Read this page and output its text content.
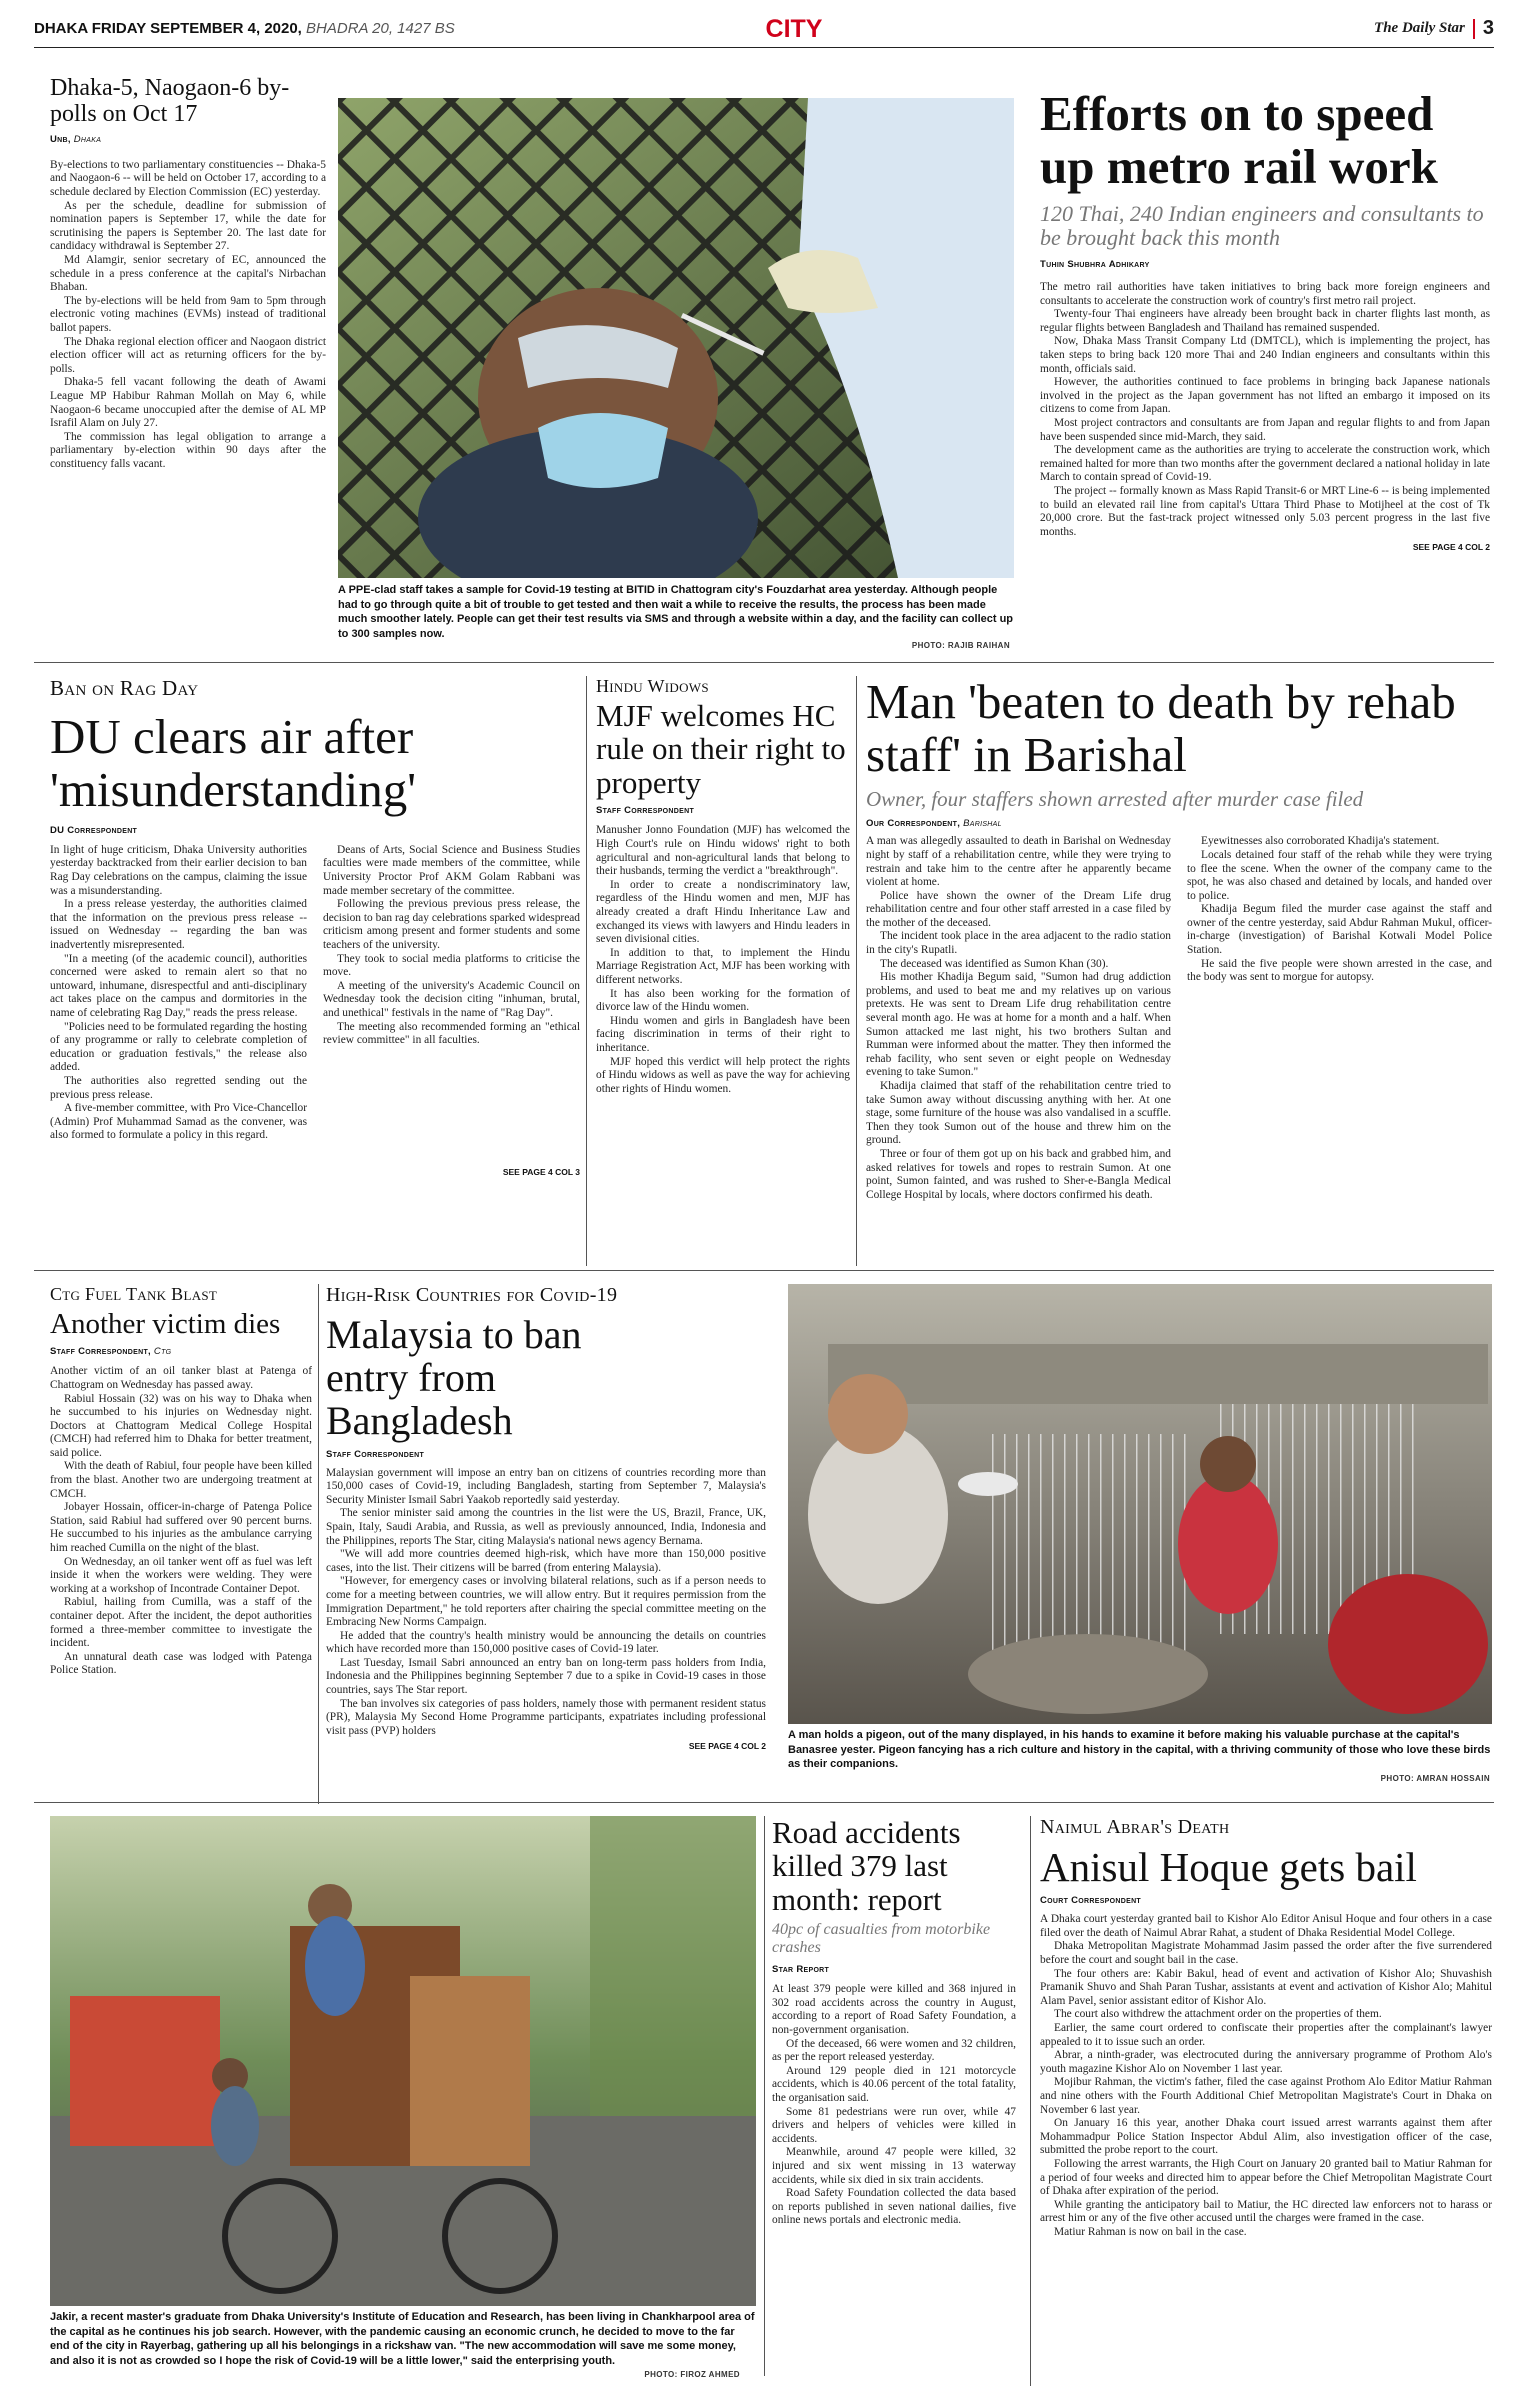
DHAKA FRIDAY SEPTEMBER 4, 2020, BHADRA 20, 1427 BS	CITY	The Daily Star 3
Dhaka-5, Naogaon-6 by-polls on Oct 17
Unb, Dhaka

By-elections to two parliamentary constituencies -- Dhaka-5 and Naogaon-6 -- will be held on October 17, according to a schedule declared by Election Commission (EC) yesterday.

As per the schedule, deadline for submission of nomination papers is September 17, while the date for scrutinising the papers is September 20. The last date for candidacy withdrawal is September 27.

Md Alamgir, senior secretary of EC, announced the schedule in a press conference at the capital's Nirbachan Bhaban.

The by-elections will be held from 9am to 5pm through electronic voting machines (EVMs) instead of traditional ballot papers.

The Dhaka regional election officer and Naogaon district election officer will act as returning officers for the by-polls.

Dhaka-5 fell vacant following the death of Awami League MP Habibur Rahman Mollah on May 6, while Naogaon-6 became unoccupied after the demise of AL MP Israfil Alam on July 27.

The commission has legal obligation to arrange a parliamentary by-election within 90 days after the constituency falls vacant.

A PPE-clad staff takes a sample for Covid-19 testing at BITID in Chattogram city's Fouzdarhat area yesterday. Although people had to go through quite a bit of trouble to get tested and then wait a while to receive the results, the process has been made much smoother lately. People can get their test results via SMS and through a website within a day, and the facility can collect up to 300 samples now.
PHOTO: RAJIB RAIHAN
Efforts on to speed up metro rail work
120 Thai, 240 Indian engineers and consultants to be brought back this month
Tuhin Shubhra Adhikary

The metro rail authorities have taken initiatives to bring back more foreign engineers and consultants to accelerate the construction work of country's first metro rail project.

Twenty-four Thai engineers have already been brought back in charter flights last month, as regular flights between Bangladesh and Thailand has remained suspended.

Now, Dhaka Mass Transit Company Ltd (DMTCL), which is implementing the project, has taken steps to bring back 120 more Thai and 240 Indian engineers and consultants within this month, officials said.

However, the authorities continued to face problems in bringing back Japanese nationals involved in the project as the Japan government has not lifted an embargo it imposed on its citizens to come from Japan.

Most project contractors and consultants are from Japan and regular flights to and from Japan have been suspended since mid-March, they said.

The development came as the authorities are trying to accelerate the construction work, which remained halted for more than two months after the government declared a national holiday in late March to contain spread of Covid-19.

The project -- formally known as Mass Rapid Transit-6 or MRT Line-6 -- is being implemented to build an elevated rail line from capital's Uttara Third Phase to Motijheel at the cost of Tk 20,000 crore. But the fast-track project witnessed only 5.03 percent progress in the last five months.

SEE PAGE 4 COL 2
Ban on Rag Day
DU clears air after 'misunderstanding'
DU Correspondent

In light of huge criticism, Dhaka University authorities yesterday backtracked from their earlier decision to ban Rag Day celebrations on the campus, claiming the issue was a misunderstanding.

In a press release yesterday, the authorities claimed that the information on the previous press release -- issued on Wednesday -- regarding the ban was inadvertently misrepresented.

"In a meeting (of the academic council), authorities concerned were asked to remain alert so that no untoward, inhumane, disrespectful and anti-disciplinary act takes place on the campus and dormitories in the name of celebrating Rag Day," reads the press release.

"Policies need to be formulated regarding the hosting of any programme or rally to celebrate completion of education or graduation festivals," the release also added.

The authorities also regretted sending out the previous press release.

A five-member committee, with Pro Vice-Chancellor (Admin) Prof Muhammad Samad as the convener, was also formed to formulate a policy in this regard.

Deans of Arts, Social Science and Business Studies faculties were made members of the committee, while University Proctor Prof AKM Golam Rabbani was made member secretary of the committee.

Following the previous previous press release, the decision to ban rag day celebrations sparked widespread criticism among present and former students and some teachers of the university.

They took to social media platforms to criticise the move.

A meeting of the university's Academic Council on Wednesday took the decision citing "inhuman, brutal, and unethical" festivals in the name of "Rag Day".

The meeting also recommended forming an "ethical review committee" in all faculties.

SEE PAGE 4 COL 3
Hindu Widows
MJF welcomes HC rule on their right to property
Staff Correspondent

Manusher Jonno Foundation (MJF) has welcomed the High Court's rule on Hindu widows' right to both agricultural and non-agricultural lands that belong to their husbands, terming the verdict a "breakthrough".

In order to create a nondiscriminatory law, regardless of the Hindu women and men, MJF has already created a draft Hindu Inheritance Law and exchanged its views with lawyers and Hindu leaders in seven divisional cities.

In addition to that, to implement the Hindu Marriage Registration Act, MJF has been working with different networks.

It has also been working for the formation of divorce law of the Hindu women.

Hindu women and girls in Bangladesh have been facing discrimination in terms of their right to inheritance.

MJF hoped this verdict will help protect the rights of Hindu widows as well as pave the way for achieving other rights of Hindu women.

Man 'beaten to death by rehab staff' in Barishal
Owner, four staffers shown arrested after murder case filed
Our Correspondent, Barishal

A man was allegedly assaulted to death in Barishal on Wednesday night by staff of a rehabilitation centre, while they were trying to restrain and take him to the centre after he apparently became violent at home.

Police have shown the owner of the Dream Life drug rehabilitation centre and four other staff arrested in a case filed by the mother of the deceased.

The incident took place in the area adjacent to the radio station in the city's Rupatli.

The deceased was identified as Sumon Khan (30).

His mother Khadija Begum said, "Sumon had drug addiction problems, and used to beat me and my relatives up on various pretexts. He was sent to Dream Life drug rehabilitation centre several month ago. He was at home for a month and a half. When Sumon attacked me last night, his two brothers Sultan and Rumman were informed about the matter. They then informed the rehab facility, who sent seven or eight people on Wednesday evening to take Sumon."

Khadija claimed that staff of the rehabilitation centre tried to take Sumon away without discussing anything with her. At one stage, some furniture of the house was also vandalised in a scuffle. Then they took Sumon out of the house and threw him on the ground.

Three or four of them got up on his back and grabbed him, and asked relatives for towels and ropes to restrain Sumon. At one point, Sumon fainted, and was rushed to Sher-e-Bangla Medical College Hospital by locals, where doctors confirmed his death.

Eyewitnesses also corroborated Khadija's statement.

Locals detained four staff of the rehab while they were trying to flee the scene. When the owner of the company came to the spot, he was also chased and detained by locals, and handed over to police.

Khadija Begum filed the murder case against the staff and owner of the centre yesterday, said Abdur Rahman Mukul, officer-in-charge (investigation) of Barishal Kotwali Model Police Station.

He said the five people were shown arrested in the case, and the body was sent to morgue for autopsy.

Ctg Fuel Tank Blast
Another victim dies
Staff Correspondent, Ctg

Another victim of an oil tanker blast at Patenga of Chattogram on Wednesday has passed away.

Rabiul Hossain (32) was on his way to Dhaka when he succumbed to his injuries on Wednesday night. Doctors at Chattogram Medical College Hospital (CMCH) had referred him to Dhaka for better treatment, said police.

With the death of Rabiul, four people have been killed from the blast. Another two are undergoing treatment at CMCH.

Jobayer Hossain, officer-in-charge of Patenga Police Station, said Rabiul had suffered over 90 percent burns. He succumbed to his injuries as the ambulance carrying him reached Cumilla on the night of the blast.

On Wednesday, an oil tanker went off as fuel was left inside it when the workers were welding. They were working at a workshop of Incontrade Container Depot.

Rabiul, hailing from Cumilla, was a staff of the container depot. After the incident, the depot authorities formed a three-member committee to investigate the incident.

An unnatural death case was lodged with Patenga Police Station.

High-Risk Countries for Covid-19
Malaysia to ban entry from Bangladesh
Staff Correspondent

Malaysian government will impose an entry ban on citizens of countries recording more than 150,000 cases of Covid-19, including Bangladesh, starting from September 7, Malaysia's Security Minister Ismail Sabri Yaakob reportedly said yesterday.

The senior minister said among the countries in the list were the US, Brazil, France, UK, Spain, Italy, Saudi Arabia, and Russia, as well as previously announced, India, Indonesia and the Philippines, reports The Star, citing Malaysia's national news agency Bernama.

"We will add more countries deemed high-risk, which have more than 150,000 positive cases, into the list. Their citizens will be barred (from entering Malaysia).

"However, for emergency cases or involving bilateral relations, such as if a person needs to come for a meeting between countries, we will allow entry. But it requires permission from the Immigration Department," he told reporters after chairing the special committee meeting on the Embracing New Norms Campaign.

He added that the country's health ministry would be announcing the details on countries which have recorded more than 150,000 positive cases of Covid-19 later.

Last Tuesday, Ismail Sabri announced an entry ban on long-term pass holders from India, Indonesia and the Philippines beginning September 7 due to a spike in Covid-19 cases in those countries, says The Star report.

The ban involves six categories of pass holders, namely those with permanent resident status (PR), Malaysia My Second Home Programme participants, expatriates including professional visit pass (PVP) holders

SEE PAGE 4 COL 2
A man holds a pigeon, out of the many displayed, in his hands to examine it before making his valuable purchase at the capital's Banasree yester. Pigeon fancying has a rich culture and history in the capital, with a thriving community of those who love these birds as their companions.
PHOTO: AMRAN HOSSAIN
Jakir, a recent master's graduate from Dhaka University's Institute of Education and Research, has been living in Chankharpool area of the capital as he continues his job search. However, with the pandemic causing an economic crunch, he decided to move to the far end of the city in Rayerbag, gathering up all his belongings in a rickshaw van. "The new accommodation will save me some money, and also it is not as crowded so I hope the risk of Covid-19 will be a little lower," said the enterprising youth.
PHOTO: FIROZ AHMED
Road accidents killed 379 last month: report
40pc of casualties from motorbike crashes
Star Report

At least 379 people were killed and 368 injured in 302 road accidents across the country in August, according to a report of Road Safety Foundation, a non-government organisation.

Of the deceased, 66 were women and 32 children, as per the report released yesterday.

Around 129 people died in 121 motorcycle accidents, which is 40.06 percent of the total fatality, the organisation said.

Some 81 pedestrians were run over, while 47 drivers and helpers of vehicles were killed in accidents.

Meanwhile, around 47 people were killed, 32 injured and six went missing in 13 waterway accidents, while six died in six train accidents.

Road Safety Foundation collected the data based on reports published in seven national dailies, five online news portals and electronic media.

Naimul Abrar's Death
Anisul Hoque gets bail
Court Correspondent

A Dhaka court yesterday granted bail to Kishor Alo Editor Anisul Hoque and four others in a case filed over the death of Naimul Abrar Rahat, a student of Dhaka Residential Model College.

Dhaka Metropolitan Magistrate Mohammad Jasim passed the order after the five surrendered before the court and sought bail in the case.

The four others are: Kabir Bakul, head of event and activation of Kishor Alo; Shuvashish Pramanik Shuvo and Shah Paran Tushar, assistants at event and activation of Kishor Alo; Mahitul Alam Pavel, senior assistant editor of Kishor Alo.

The court also withdrew the attachment order on the properties of them.

Earlier, the same court ordered to confiscate their properties after the complainant's lawyer appealed to it to issue such an order.

Abrar, a ninth-grader, was electrocuted during the anniversary programme of Prothom Alo's youth magazine Kishor Alo on November 1 last year.

Mojibur Rahman, the victim's father, filed the case against Prothom Alo Editor Matiur Rahman and nine others with the Fourth Additional Chief Metropolitan Magistrate's Court in Dhaka on November 6 last year.

On January 16 this year, another Dhaka court issued arrest warrants against them after Mohammadpur Police Station Inspector Abdul Alim, also investigation officer of the case, submitted the probe report to the court.

Following the arrest warrants, the High Court on January 20 granted bail to Matiur Rahman for a period of four weeks and directed him to appear before the Chief Metropolitan Magistrate Court of Dhaka after expiration of the period.

While granting the anticipatory bail to Matiur, the HC directed law enforcers not to harass or arrest him or any of the five other accused until the charges were framed in the case.

Matiur Rahman is now on bail in the case.
